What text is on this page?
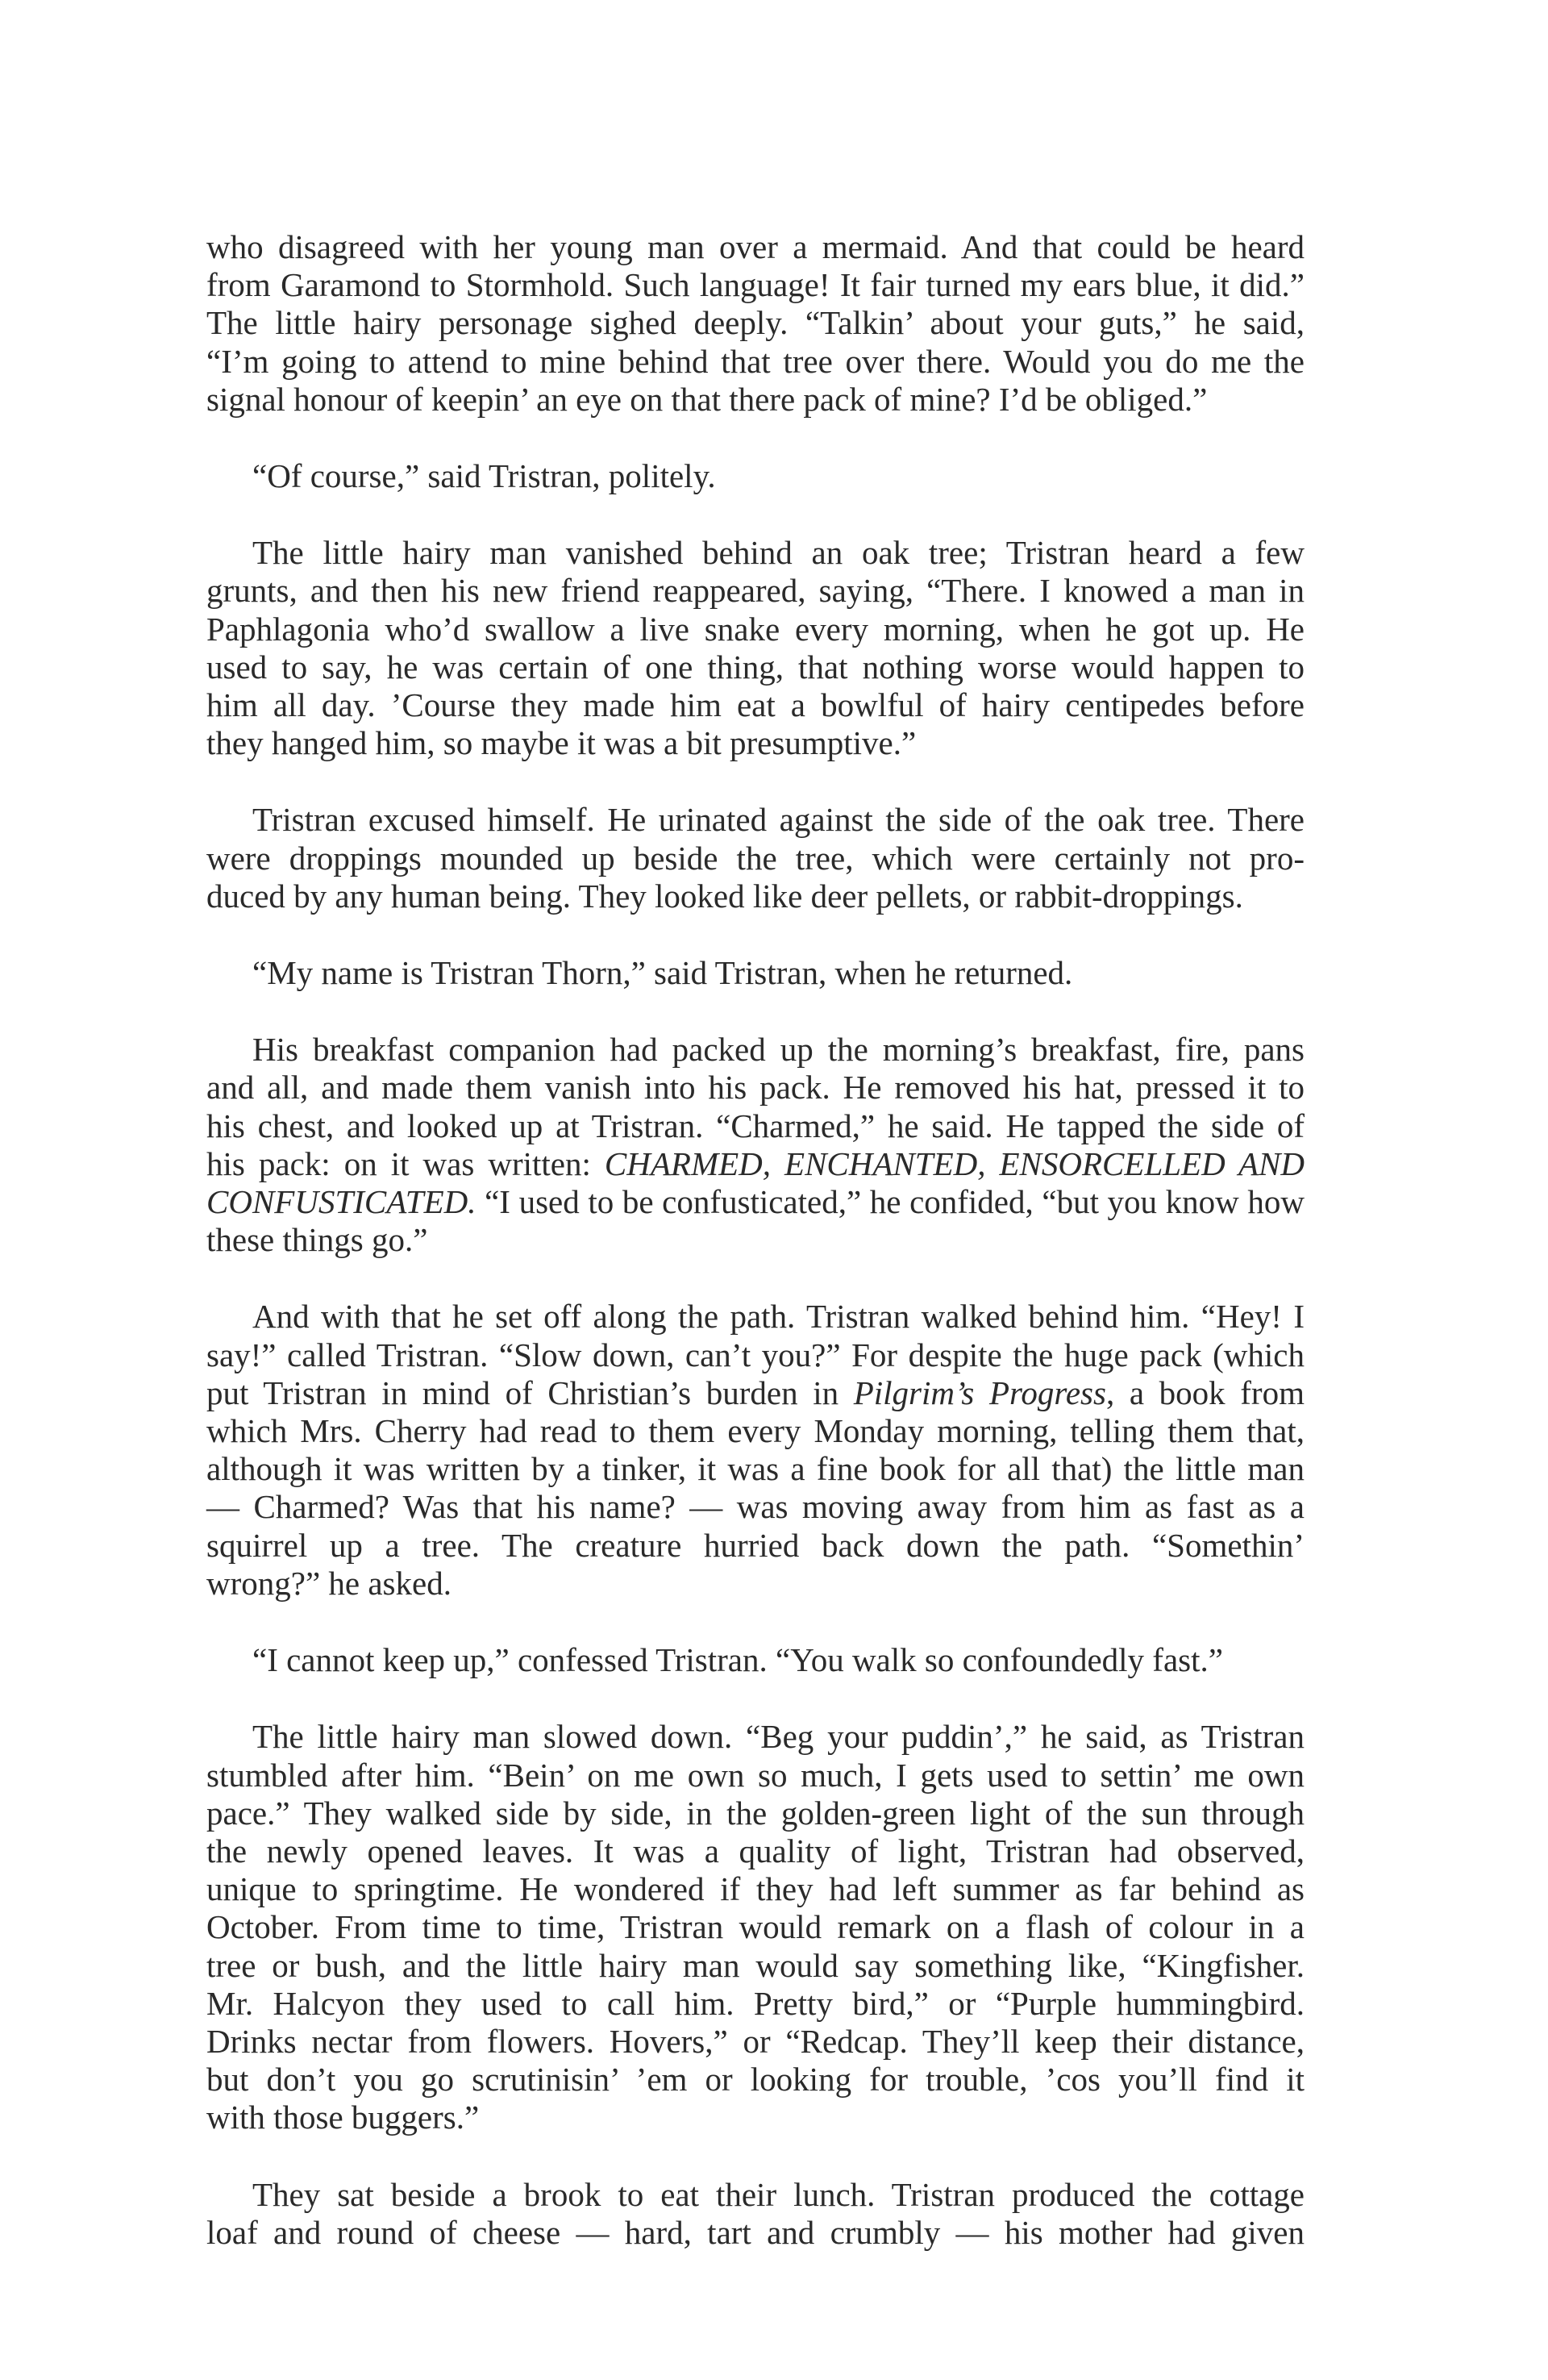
who disagreed with her young man over a mermaid. And that could be heard
from Garamond to Stormhold. Such language! It fair turned my ears blue, it did.”
The little hairy personage sighed deeply. “Talkin’ about your guts,” he said,
“I’m going to attend to mine behind that tree over there. Would you do me the
signal honour of keepin’ an eye on that there pack of mine? I’d be obliged.”

“Of course,” said Tristran, politely.

The little hairy man vanished behind an oak tree; Tristran heard a few
grunts, and then his new friend reappeared, saying, “There. I knowed a man in
Paphlagonia who’d swallow a live snake every morning, when he got up. He
used to say, he was certain of one thing, that nothing worse would happen to
him all day. ’Course they made him eat a bowlful of hairy centipedes before
they hanged him, so maybe it was a bit presumptive.”

Tristran excused himself. He urinated against the side of the oak tree. There
were droppings mounded up beside the tree, which were certainly not pro-
duced by any human being. They looked like deer pellets, or rabbit-droppings.

“My name is Tristran Thorn,” said Tristran, when he returned.

His breakfast companion had packed up the morning’s breakfast, fire, pans
and all, and made them vanish into his pack. He removed his hat, pressed it to
his chest, and looked up at Tristran. “Charmed,” he said. He tapped the side of
his pack: on it was written: CHARMED, ENCHANTED, ENSORCELLED AND
CONFUSTICATED. “I used to be confusticated,” he confided, “but you know how
these things go.”

And with that he set off along the path. Tristran walked behind him. “Hey! I
say!” called Tristran. “Slow down, can’t you?” For despite the huge pack (which
put Tristran in mind of Christian’s burden in Pilgrim’s Progress, a book from
which Mrs. Cherry had read to them every Monday morning, telling them that,
although it was written by a tinker, it was a fine book for all that) the little man
— Charmed? Was that his name? — was moving away from him as fast as a
squirrel up a tree. The creature hurried back down the path. “Somethin’
wrong?” he asked.

“I cannot keep up,” confessed Tristran. “You walk so confoundedly fast.”

The little hairy man slowed down. “Beg your puddin’,” he said, as Tristran
stumbled after him. “Bein’ on me own so much, I gets used to settin’ me own
pace.” They walked side by side, in the golden-green light of the sun through
the newly opened leaves. It was a quality of light, Tristran had observed,
unique to springtime. He wondered if they had left summer as far behind as
October. From time to time, Tristran would remark on a flash of colour in a
tree or bush, and the little hairy man would say something like, “Kingfisher.
Mr. Halcyon they used to call him. Pretty bird,” or “Purple hummingbird.
Drinks nectar from flowers. Hovers,” or “Redcap. They’ll keep their distance,
but don’t you go scrutinisin’ ’em or looking for trouble, ’cos you’ll find it
with those buggers.”

They sat beside a brook to eat their lunch. Tristran produced the cottage
loaf and round of cheese — hard, tart and crumbly — his mother had given
